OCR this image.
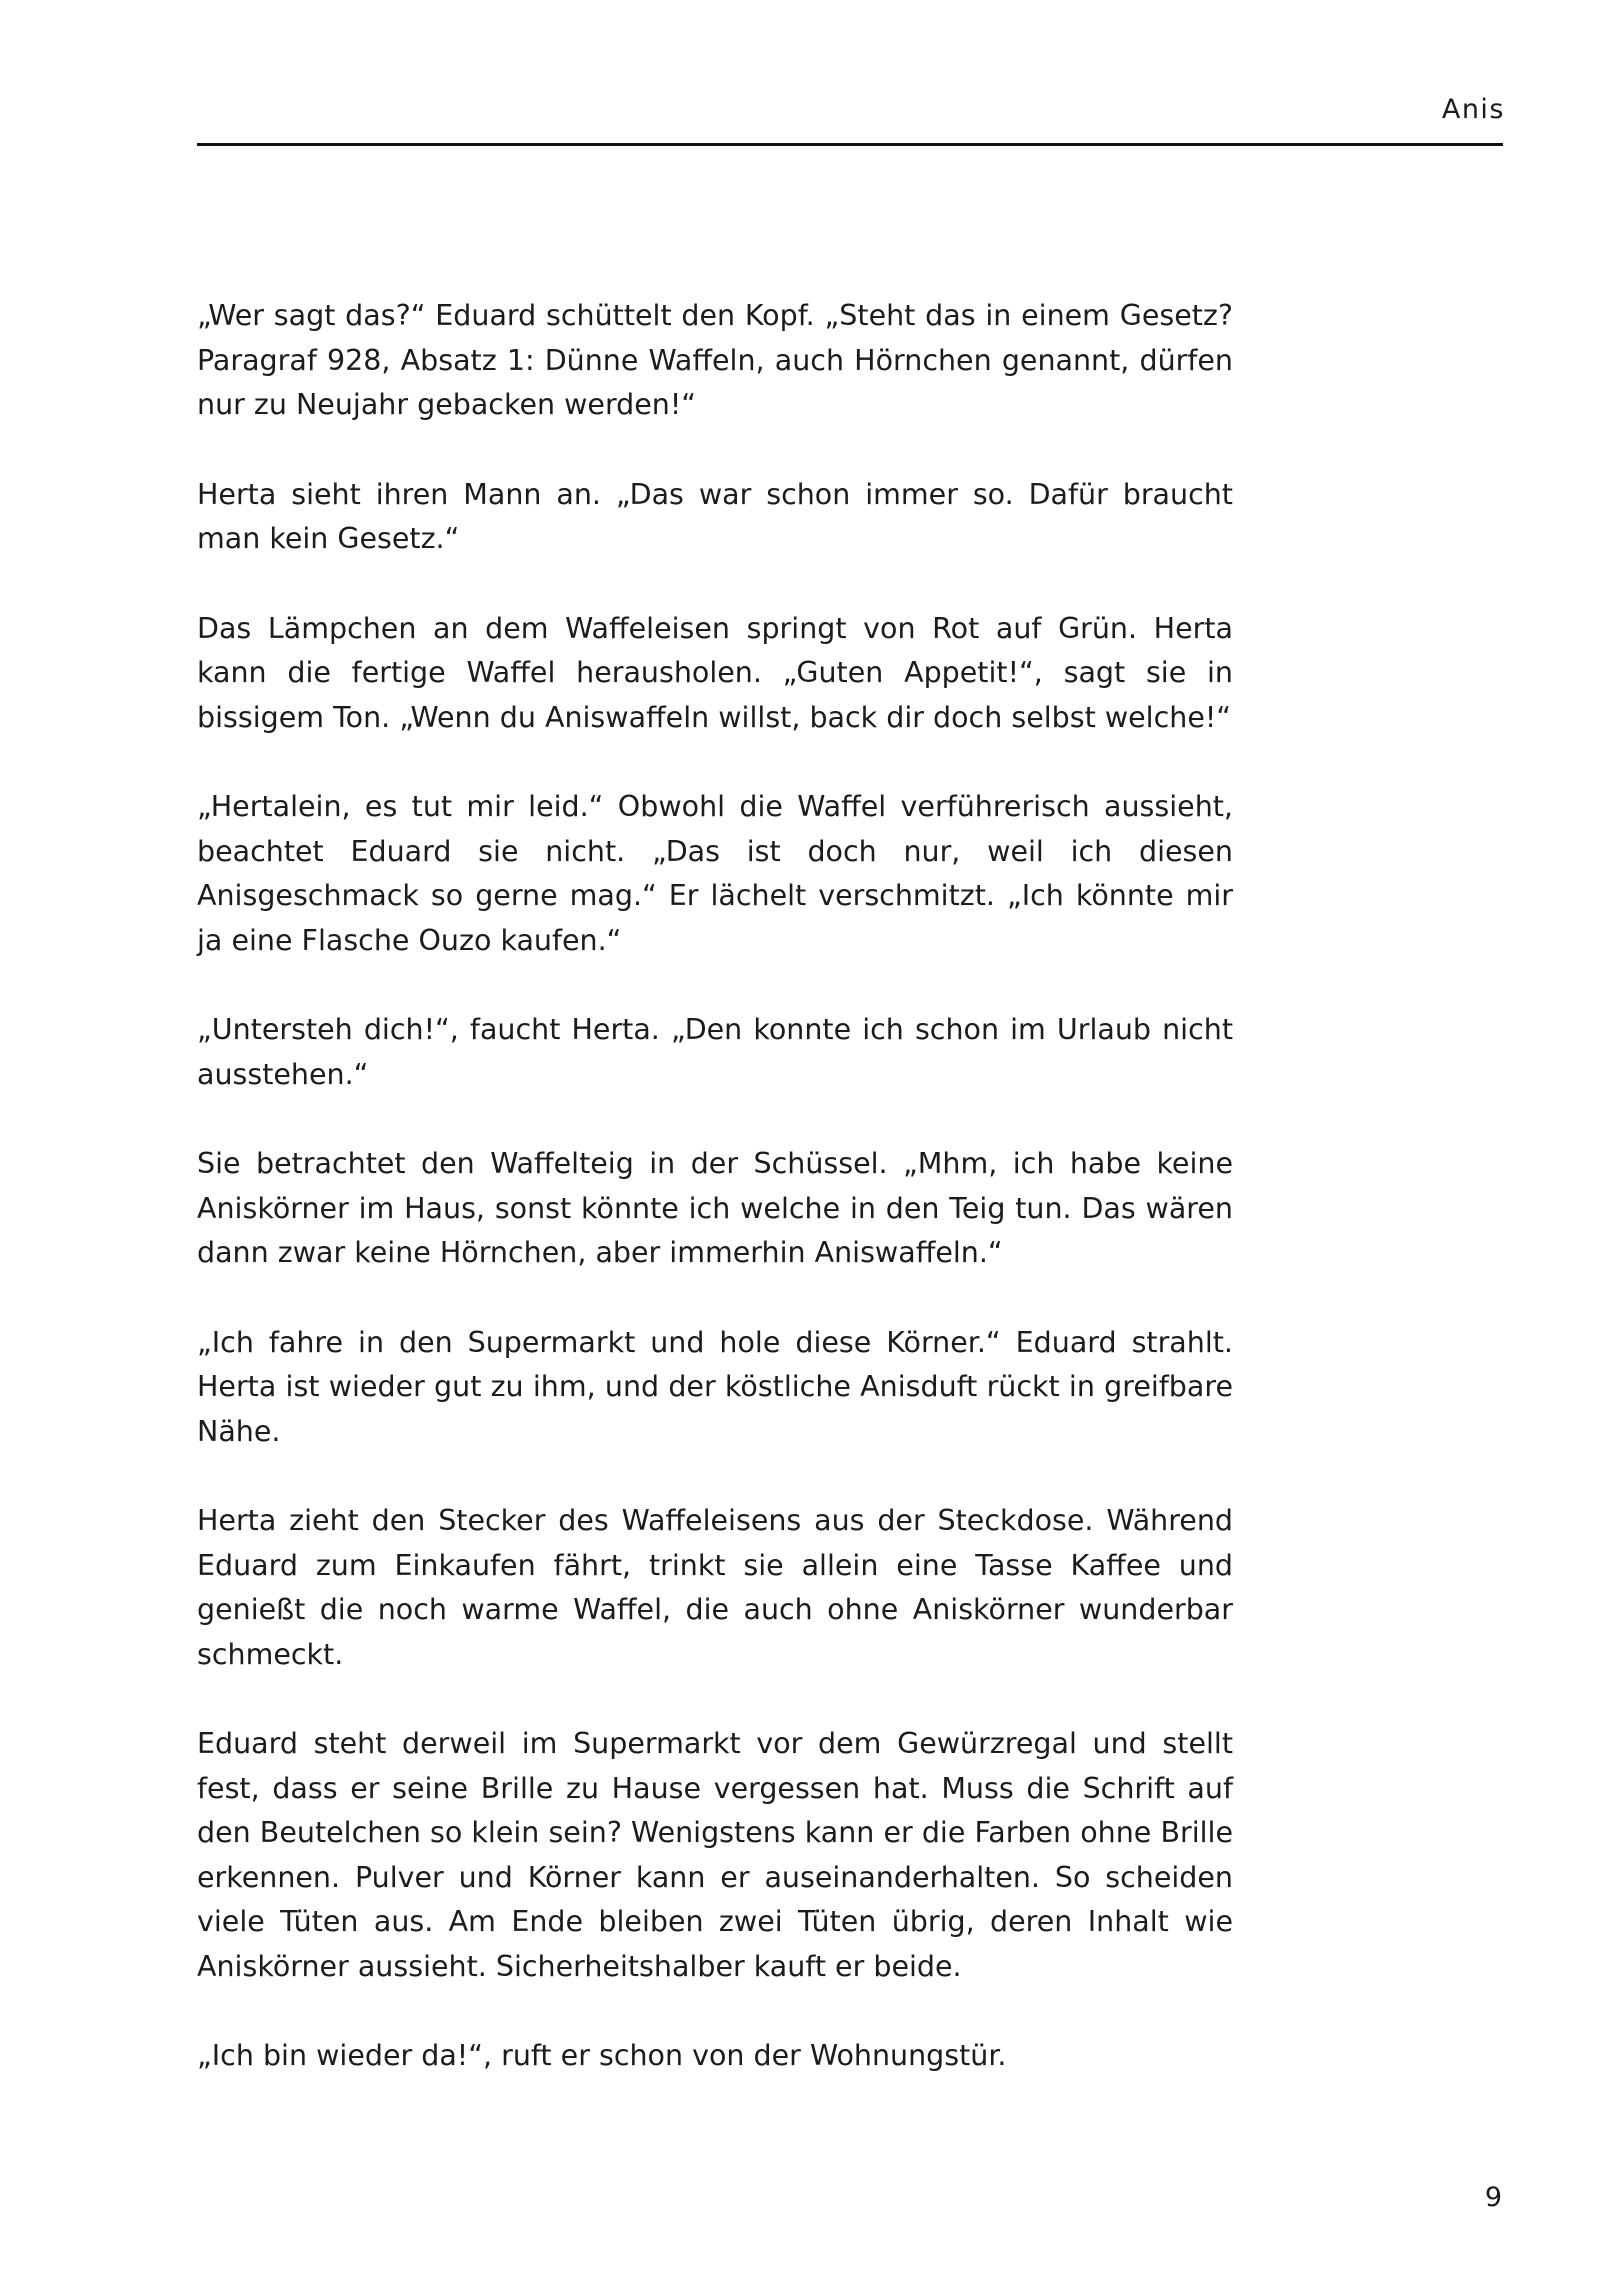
Anis

„Wer sagt das?“ Eduard schüttelt den Kopf. „Steht das in einem Gesetz? Paragraf 928, Absatz 1: Dünne Waffeln, auch Hörnchen genannt, dürfen nur zu Neujahr gebacken werden!“

Herta sieht ihren Mann an. „Das war schon immer so. Dafür braucht man kein Gesetz.“

Das Lämpchen an dem Waffeleisen springt von Rot auf Grün. Herta kann die fertige Waffel herausholen. „Guten Appetit!“, sagt sie in bissigem Ton. „Wenn du Aniswaffeln willst, back dir doch selbst welche!“

„Hertalein, es tut mir leid.“ Obwohl die Waffel verführerisch aussieht, beachtet Eduard sie nicht. „Das ist doch nur, weil ich diesen Anisgeschmack so gerne mag.“ Er lächelt verschmitzt. „Ich könnte mir ja eine Flasche Ouzo kaufen.“

„Untersteh dich!“, faucht Herta. „Den konnte ich schon im Urlaub nicht ausstehen.“

Sie betrachtet den Waffelteig in der Schüssel. „Mhm, ich habe keine Aniskörner im Haus, sonst könnte ich welche in den Teig tun. Das wären dann zwar keine Hörnchen, aber immerhin Aniswaffeln.“

„Ich fahre in den Supermarkt und hole diese Körner.“ Eduard strahlt. Herta ist wieder gut zu ihm, und der köstliche Anisduft rückt in greifbare Nähe.

Herta zieht den Stecker des Waffeleisens aus der Steckdose. Während Eduard zum Einkaufen fährt, trinkt sie allein eine Tasse Kaffee und genießt die noch warme Waffel, die auch ohne Aniskörner wunderbar schmeckt.

Eduard steht derweil im Supermarkt vor dem Gewürzregal und stellt fest, dass er seine Brille zu Hause vergessen hat. Muss die Schrift auf den Beutelchen so klein sein? Wenigstens kann er die Farben ohne Brille erkennen. Pulver und Körner kann er auseinanderhalten. So scheiden viele Tüten aus. Am Ende bleiben zwei Tüten übrig, deren Inhalt wie Aniskörner aussieht. Sicherheitshalber kauft er beide.

„Ich bin wieder da!“, ruft er schon von der Wohnungstür.

9
